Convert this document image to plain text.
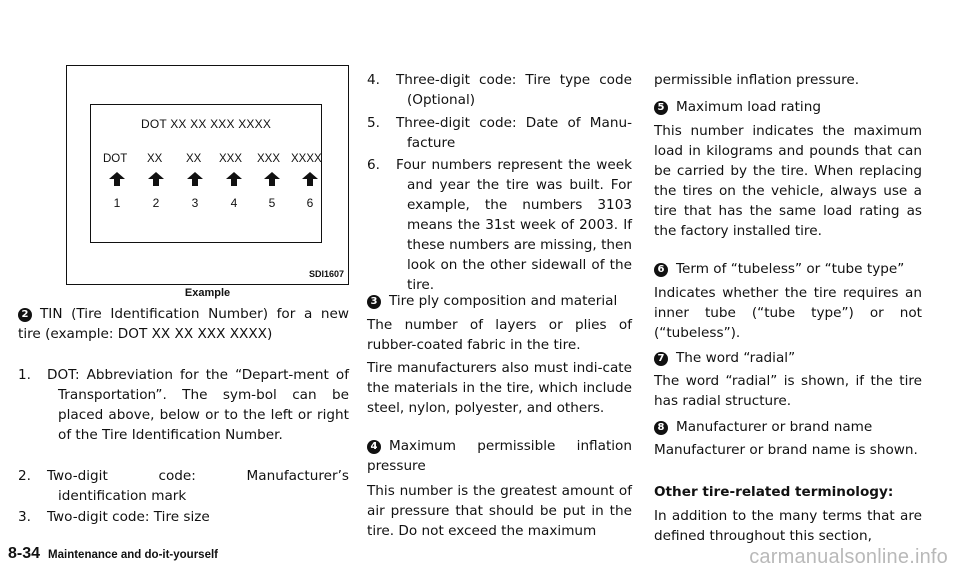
DOT XX XX XXX XXXX
DOT XX XX XXX XXX XXXX
1	2	3	4	5	6
SDI1607
Example
2 TIN (Tire Identification Number) for a new tire (example: DOT XX XX XXX XXXX)
1.	DOT: Abbreviation for the “Depart-ment of Transportation”. The sym-bol can be placed above, below or to the left or right of the Tire Identification Number.
2.	Two-digit code: Manufacturer’s identification mark
3.	Two-digit code: Tire size
4.	Three-digit code: Tire type code (Optional)
5.	Three-digit code: Date of Manu-facture
6.	Four numbers represent the week and year the tire was built. For example, the numbers 3103 means the 31st week of 2003. If these numbers are missing, then look on the other sidewall of the tire.
3 Tire ply composition and material
The number of layers or plies of rubber-coated fabric in the tire.
Tire manufacturers also must indi-cate the materials in the tire, which include steel, nylon, polyester, and others.
4 Maximum permissible inflation pressure
This number is the greatest amount of air pressure that should be put in the tire. Do not exceed the maximum
permissible inflation pressure.
5 Maximum load rating
This number indicates the maximum load in kilograms and pounds that can be carried by the tire. When replacing the tires on the vehicle, always use a tire that has the same load rating as the factory installed tire.
6 Term of “tubeless” or “tube type”
Indicates whether the tire requires an inner tube (“tube type”) or not (“tubeless”).
7 The word “radial”
The word “radial” is shown, if the tire has radial structure.
8 Manufacturer or brand name
Manufacturer or brand name is shown.
Other tire-related terminology:
In addition to the many terms that are defined throughout this section,
8-34 Maintenance and do-it-yourself	carmanualsonline.info
